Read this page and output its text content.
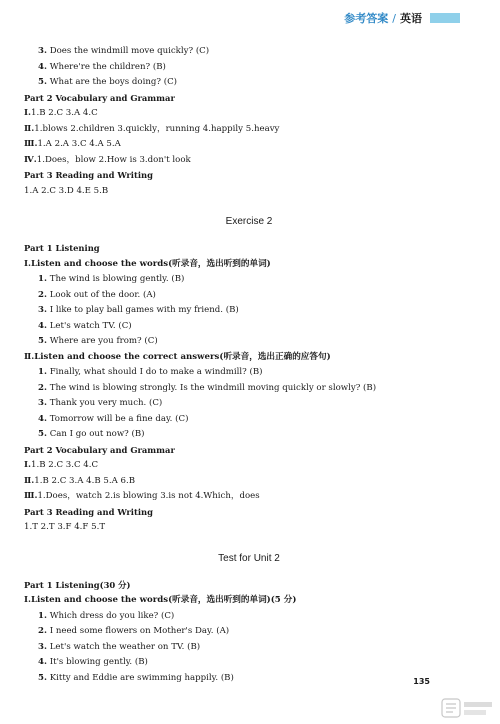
参考答案 / 英语
3. Does the windmill move quickly? (C)
4. Where're the children? (B)
5. What are the boys doing? (C)
Part 2 Vocabulary and Grammar
Ⅰ.1.B 2.C 3.A 4.C
Ⅱ.1.blows 2.children 3.quickly，running 4.happily 5.heavy
Ⅲ.1.A 2.A 3.C 4.A 5.A
Ⅳ.1.Does，blow 2.How is 3.don't look
Part 3 Reading and Writing
1.A 2.C 3.D 4.E 5.B
Exercise 2
Part 1 Listening
Ⅰ.Listen and choose the words(听录音，选出听到的单词)
1. The wind is blowing gently. (B)
2. Look out of the door. (A)
3. I like to play ball games with my friend. (B)
4. Let's watch TV. (C)
5. Where are you from? (C)
Ⅱ.Listen and choose the correct answers(听录音，选出正确的应答句)
1. Finally, what should I do to make a windmill? (B)
2. The wind is blowing strongly. Is the windmill moving quickly or slowly? (B)
3. Thank you very much. (C)
4. Tomorrow will be a fine day. (C)
5. Can I go out now? (B)
Part 2 Vocabulary and Grammar
Ⅰ.1.B 2.C 3.C 4.C
Ⅱ.1.B 2.C 3.A 4.B 5.A 6.B
Ⅲ.1.Does，watch 2.is blowing 3.is not 4.Which，does
Part 3 Reading and Writing
1.T 2.T 3.F 4.F 5.T
Test for Unit 2
Part 1 Listening(30 分)
Ⅰ.Listen and choose the words(听录音，选出听到的单词)(5 分)
1. Which dress do you like? (C)
2. I need some flowers on Mother's Day. (A)
3. Let's watch the weather on TV. (B)
4. It's blowing gently. (B)
5. Kitty and Eddie are swimming happily. (B)	135
